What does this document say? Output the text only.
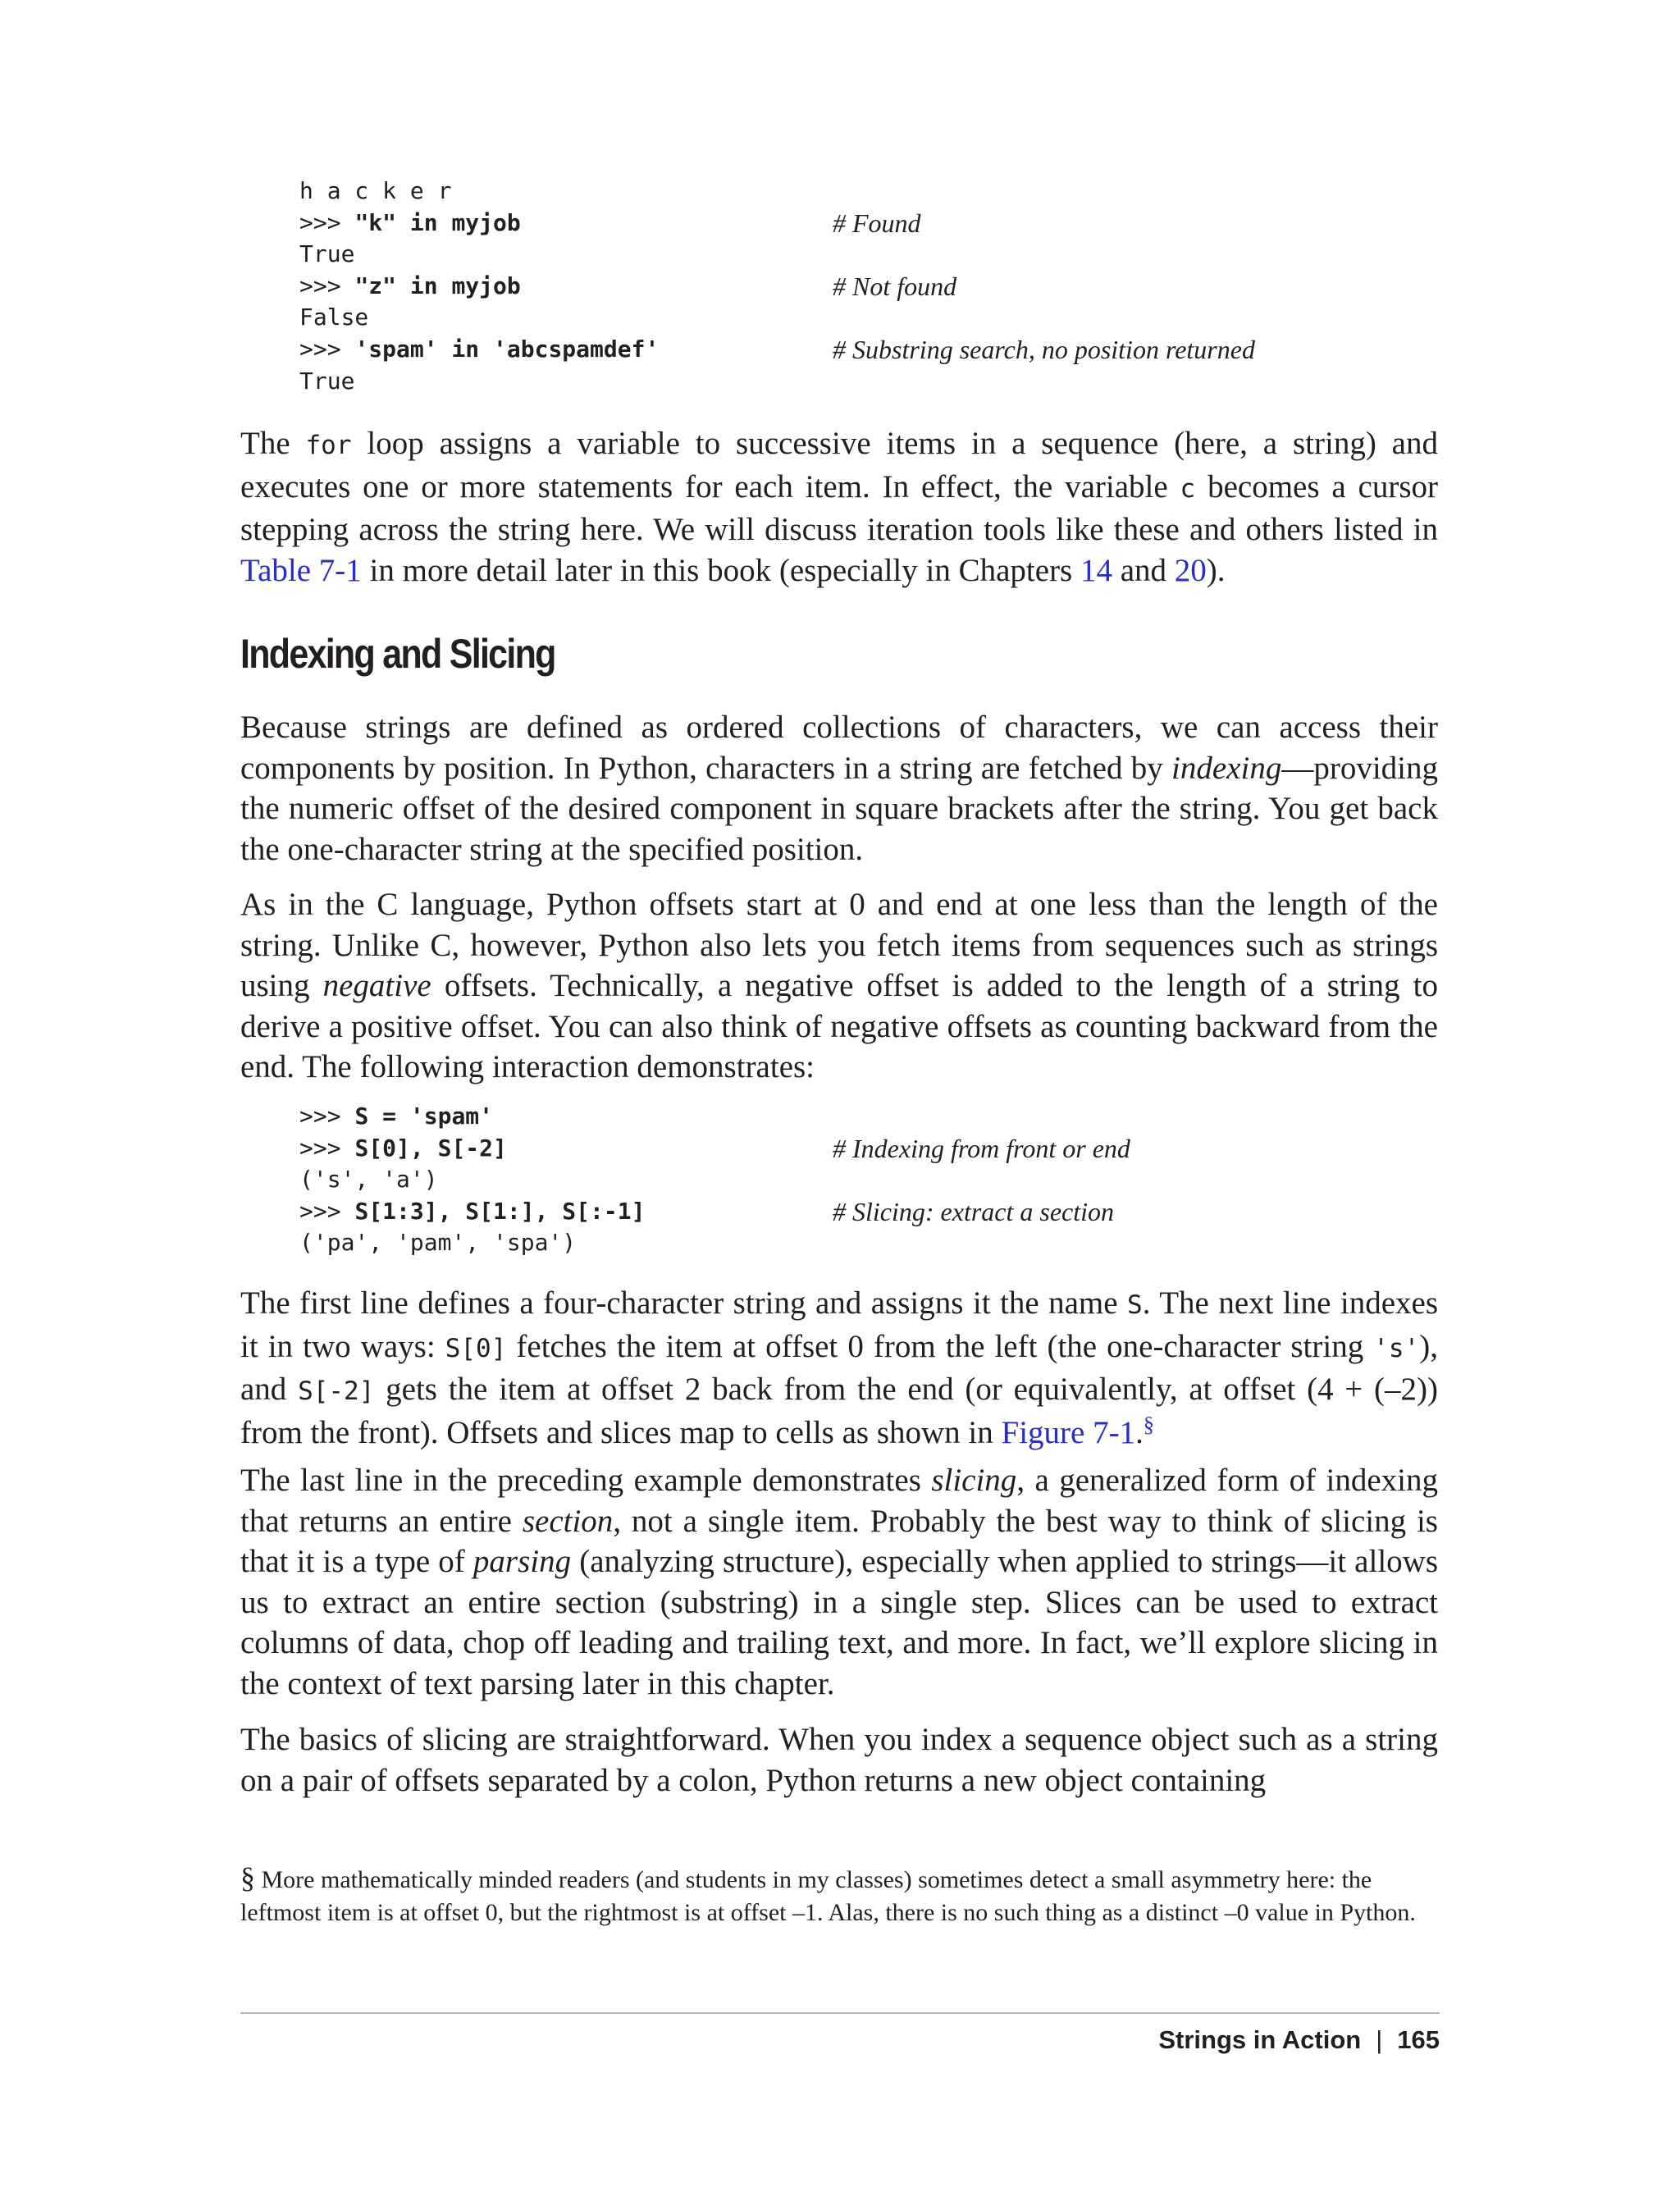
h a c k e r
>>> "k" in myjob	# Found
True
>>> "z" in myjob	# Not found
False
>>> 'spam' in 'abcspamdef'	# Substring search, no position returned
True

The for loop assigns a variable to successive items in a sequence (here, a string) and executes one or more statements for each item. In effect, the variable c becomes a cursor stepping across the string here. We will discuss iteration tools like these and others listed in Table 7-1 in more detail later in this book (especially in Chapters 14 and 20).

Indexing and Slicing

Because strings are defined as ordered collections of characters, we can access their components by position. In Python, characters in a string are fetched by indexing—providing the numeric offset of the desired component in square brackets after the string. You get back the one-character string at the specified position.

As in the C language, Python offsets start at 0 and end at one less than the length of the string. Unlike C, however, Python also lets you fetch items from sequences such as strings using negative offsets. Technically, a negative offset is added to the length of a string to derive a positive offset. You can also think of negative offsets as counting backward from the end. The following interaction demonstrates:

>>> S = 'spam'
>>> S[0], S[-2]	# Indexing from front or end
('s', 'a')
>>> S[1:3], S[1:], S[:-1]	# Slicing: extract a section
('pa', 'pam', 'spa')

The first line defines a four-character string and assigns it the name S. The next line indexes it in two ways: S[0] fetches the item at offset 0 from the left (the one-character string 's'), and S[-2] gets the item at offset 2 back from the end (or equivalently, at offset (4 + (–2)) from the front). Offsets and slices map to cells as shown in Figure 7-1.§

The last line in the preceding example demonstrates slicing, a generalized form of indexing that returns an entire section, not a single item. Probably the best way to think of slicing is that it is a type of parsing (analyzing structure), especially when applied to strings—it allows us to extract an entire section (substring) in a single step. Slices can be used to extract columns of data, chop off leading and trailing text, and more. In fact, we’ll explore slicing in the context of text parsing later in this chapter.

The basics of slicing are straightforward. When you index a sequence object such as a string on a pair of offsets separated by a colon, Python returns a new object containing

§ More mathematically minded readers (and students in my classes) sometimes detect a small asymmetry here: the leftmost item is at offset 0, but the rightmost is at offset –1. Alas, there is no such thing as a distinct –0 value in Python.

Strings in Action | 165
